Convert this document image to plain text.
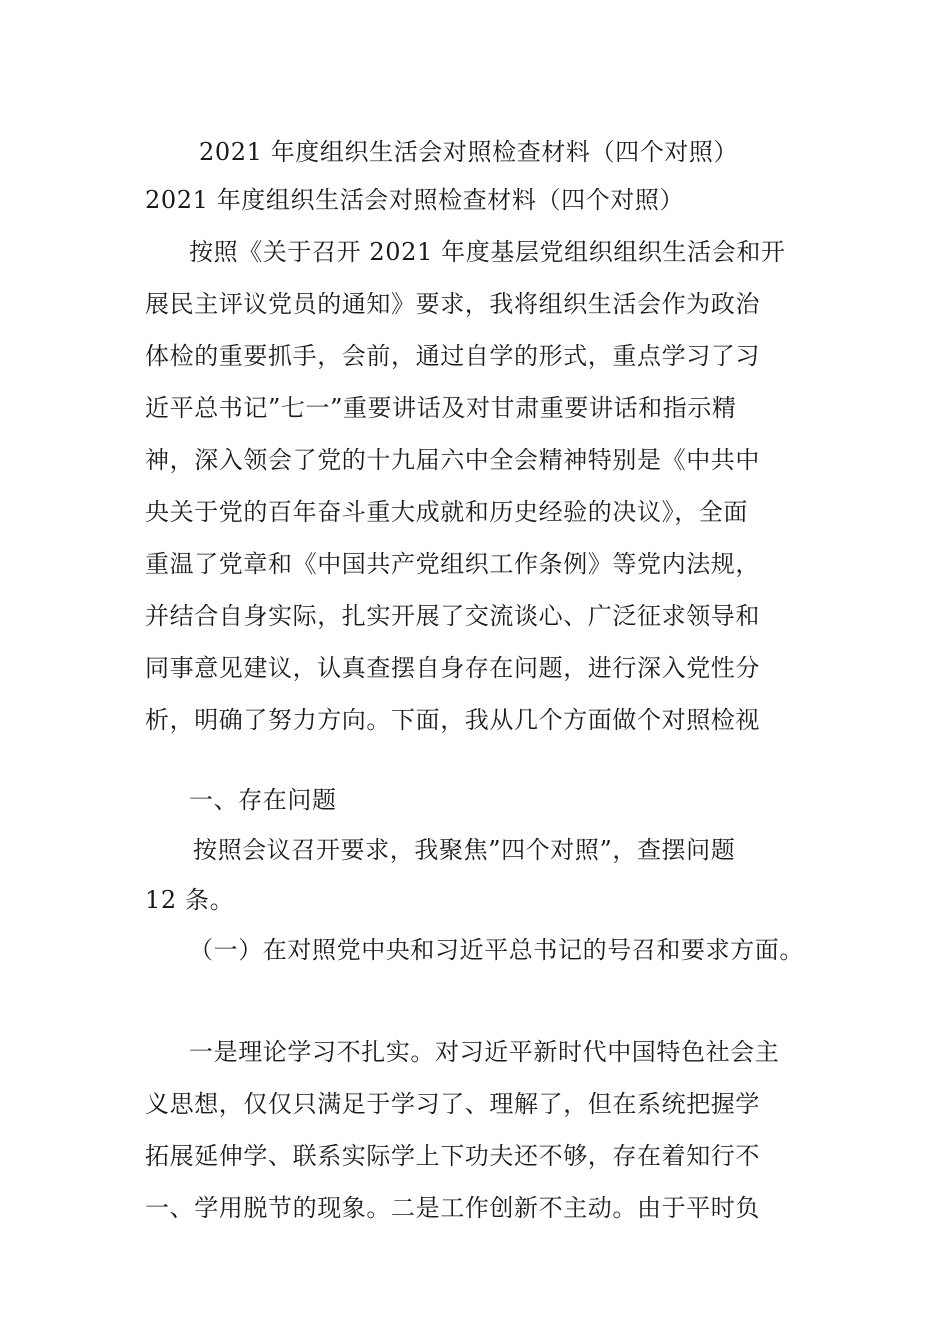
2021 年度组织生活会对照检查材料（四个对照）
2021 年度组织生活会对照检查材料（四个对照）
按照《关于召开 2021 年度基层党组织组织生活会和开
展民主评议党员的通知》要求，我将组织生活会作为政治
体检的重要抓手，会前，通过自学的形式，重点学习了习
近平总书记”七一”重要讲话及对甘肃重要讲话和指示精
神，深入领会了党的十九届六中全会精神特别是《中共中
央关于党的百年奋斗重大成就和历史经验的决议》，全面
重温了党章和《中国共产党组织工作条例》等党内法规，
并结合自身实际，扎实开展了交流谈心、广泛征求领导和
同事意见建议，认真查摆自身存在问题，进行深入党性分
析，明确了努力方向。下面，我从几个方面做个对照检视
一、存在问题
按照会议召开要求，我聚焦”四个对照”，查摆问题
12 条。
（一）在对照党中央和习近平总书记的号召和要求方面。
一是理论学习不扎实。对习近平新时代中国特色社会主
义思想，仅仅只满足于学习了、理解了，但在系统把握学
拓展延伸学、联系实际学上下功夫还不够，存在着知行不
一、学用脱节的现象。二是工作创新不主动。由于平时负
